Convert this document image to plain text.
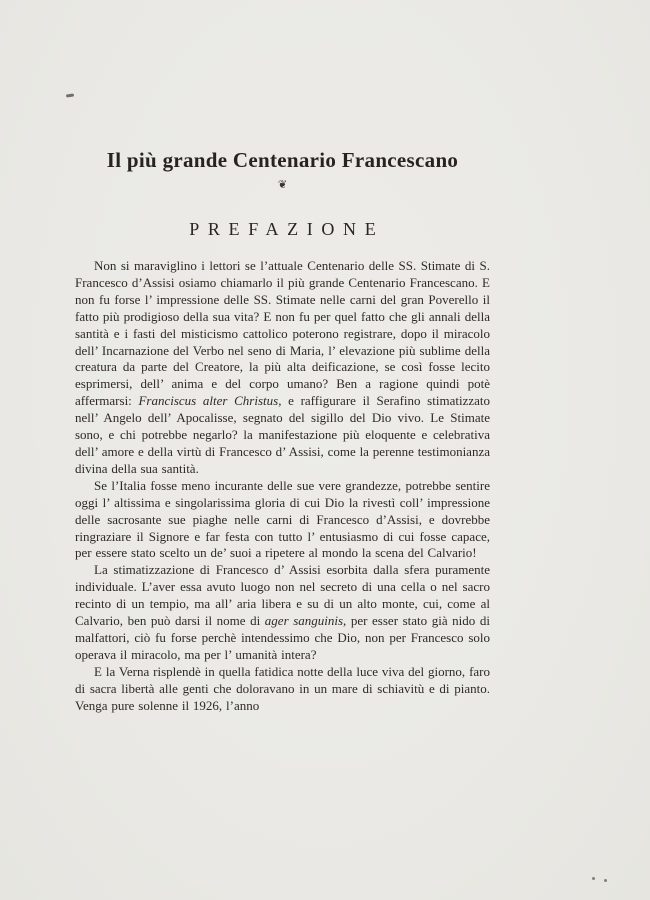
Il più grande Centenario Francescano
❦
PREFAZIONE

Non si maraviglino i lettori se l’attuale Centenario delle SS. Stimate di S. Francesco d’Assisi osiamo chiamarlo il più grande Centenario Francescano. E non fu forse l’ impressione delle SS. Stimate nelle carni del gran Poverello il fatto più prodigioso della sua vita? E non fu per quel fatto che gli annali della santità e i fasti del misticismo cattolico poterono registrare, dopo il miracolo dell’ Incarnazione del Verbo nel seno di Maria, l’ elevazione più sublime della creatura da parte del Creatore, la più alta deificazione, se così fosse lecito esprimersi, dell’ anima e del corpo umano? Ben a ragione quindi potè affermarsi: Franciscus alter Christus, e raffigurare il Serafino stimatizzato nell’ Angelo dell’ Apocalisse, segnato del sigillo del Dio vivo. Le Stimate sono, e chi potrebbe negarlo? la manifestazione più eloquente e celebrativa dell’ amore e della virtù di Francesco d’ Assisi, come la perenne testimonianza divina della sua santità.

Se l’Italia fosse meno incurante delle sue vere grandezze, potrebbe sentire oggi l’ altissima e singolarissima gloria di cui Dio la rivestì coll’ impressione delle sacrosante sue piaghe nelle carni di Francesco d’Assisi, e dovrebbe ringraziare il Signore e far festa con tutto l’ entusiasmo di cui fosse capace, per essere stato scelto un de’ suoi a ripetere al mondo la scena del Calvario!

La stimatizzazione di Francesco d’ Assisi esorbita dalla sfera puramente individuale. L’aver essa avuto luogo non nel secreto di una cella o nel sacro recinto di un tempio, ma all’ aria libera e su di un alto monte, cui, come al Calvario, ben può darsi il nome di ager sanguinis, per esser stato già nido di malfattori, ciò fu forse perchè intendessimo che Dio, non per Francesco solo operava il miracolo, ma per l’ umanità intera?

E la Verna risplendè in quella fatidica notte della luce viva del giorno, faro di sacra libertà alle genti che doloravano in un mare di schiavitù e di pianto. Venga pure solenne il 1926, l’anno
